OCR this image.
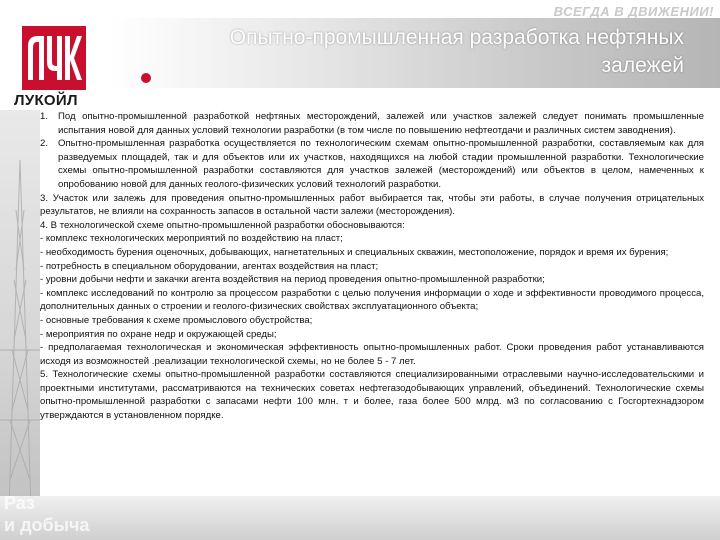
Раз
и добыча
ВСЕГДА В ДВИЖЕНИИ!
ЛУКОЙЛ
Опытно-промышленная разработка нефтяных
залежей

1. Под опытно-промышленной разработкой нефтяных месторождений, залежей или участков залежей следует понимать промышленные испытания новой для данных условий технологии разработки (в том числе по повышению нефтеотдачи и различных систем заводнения).

2. Опытно-промышленная разработка осуществляется по технологическим схемам опытно-промышленной разработки, составляемым как для разведуемых площадей, так и для объектов или их участков, находящихся на любой стадии промышленной разработки. Технологические схемы опытно-промышленной разработки составляются для участков залежей (месторождений) или объектов в целом, намеченных к опробованию новой для данных геолого-физических условий технологий разработки.

3. Участок или залежь для проведения опытно-промышленных работ выбирается так, чтобы эти работы, в случае получения отрицательных результатов, не влияли на сохранность запасов в остальной части залежи (месторождения).

4. В технологической схеме опытно-промышленной разработки обосновываются:

- комплекс технологических мероприятий по воздействию на пласт;

- необходимость бурения оценочных, добывающих, нагнетательных и специальных скважин, местоположение, порядок и время их бурения;

- потребность в специальном оборудовании, агентах воздействия на пласт;

- уровни добычи нефти и закачки агента воздействия на период проведения опытно-промышленной разработки;

- комплекс исследований по контролю за процессом разработки с целью получения информации о ходе и эффективности проводимого процесса, дополнительных данных о строении и геолого-физических свойствах эксплуатационного объекта;

- основные требования к схеме промыслового обустройства;

- мероприятия по охране недр и окружающей среды;

- предполагаемая технологическая и экономическая эффективность опытно-промышленных работ. Сроки проведения работ устанавливаются исходя из возможностей .реализации технологической схемы, но не более 5 - 7 лет.

5. Технологические схемы опытно-промышленной разработки составляются специализированными отраслевыми научно-исследовательскими и проектными институтами, рассматриваются на технических советах нефтегазодобывающих управлений, объединений. Технологические схемы опытно-промышленной разработки с запасами нефти 100 млн. т и более, газа более 500 млрд. м3 по согласованию с Госгортехнадзором утверждаются в установленном порядке.
